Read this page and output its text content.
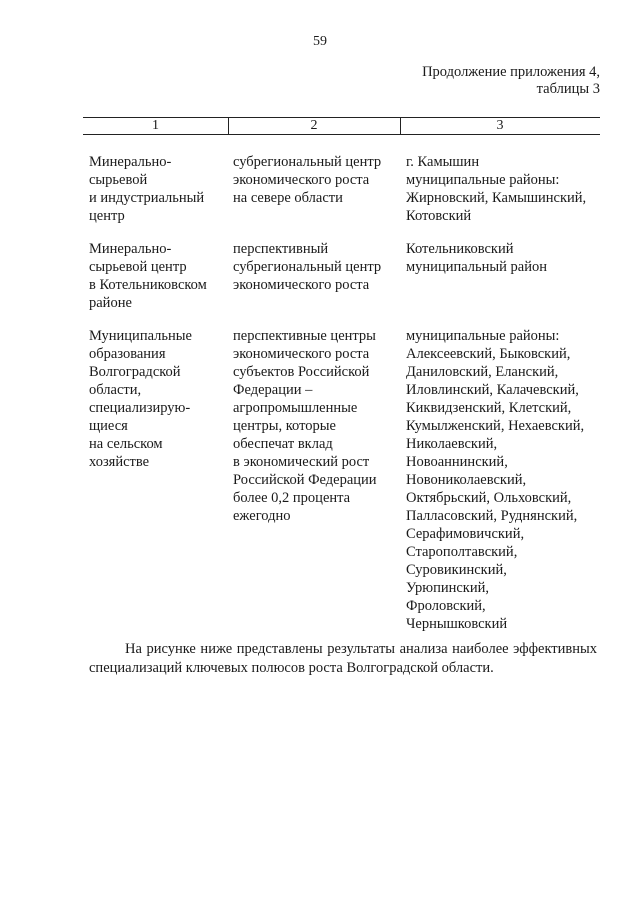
59
Продолжение приложения 4,
таблицы 3
1	2	3
Минерально-
сырьевой
и индустриальный
центр
субрегиональный центр
экономического роста
на севере области
г. Камышин
муниципальные районы:
Жирновский, Камышинский,
Котовский
Минерально-
сырьевой центр
в Котельниковском
районе
перспективный
субрегиональный центр
экономического роста
Котельниковский
муниципальный район
Муниципальные
образования
Волгоградской
области,
специализирую-
щиеся
на сельском
хозяйстве
перспективные центры
экономического роста
субъектов Российской
Федерации –
агропромышленные
центры, которые
обеспечат вклад
в экономический рост
Российской Федерации
более 0,2 процента
ежегодно
муниципальные районы:
Алексеевский, Быковский,
Даниловский, Еланский,
Иловлинский, Калачевский,
Киквидзенский, Клетский,
Кумылженский, Нехаевский,
Николаевский,
Новоаннинский,
Новониколаевский,
Октябрьский, Ольховский,
Палласовский, Руднянский,
Серафимовичский,
Старополтавский,
Суровикинский,
Урюпинский,
Фроловский,
Чернышковский
На рисунке ниже представлены результаты анализа наиболее эффективных специализаций ключевых полюсов роста Волгоградской области.
